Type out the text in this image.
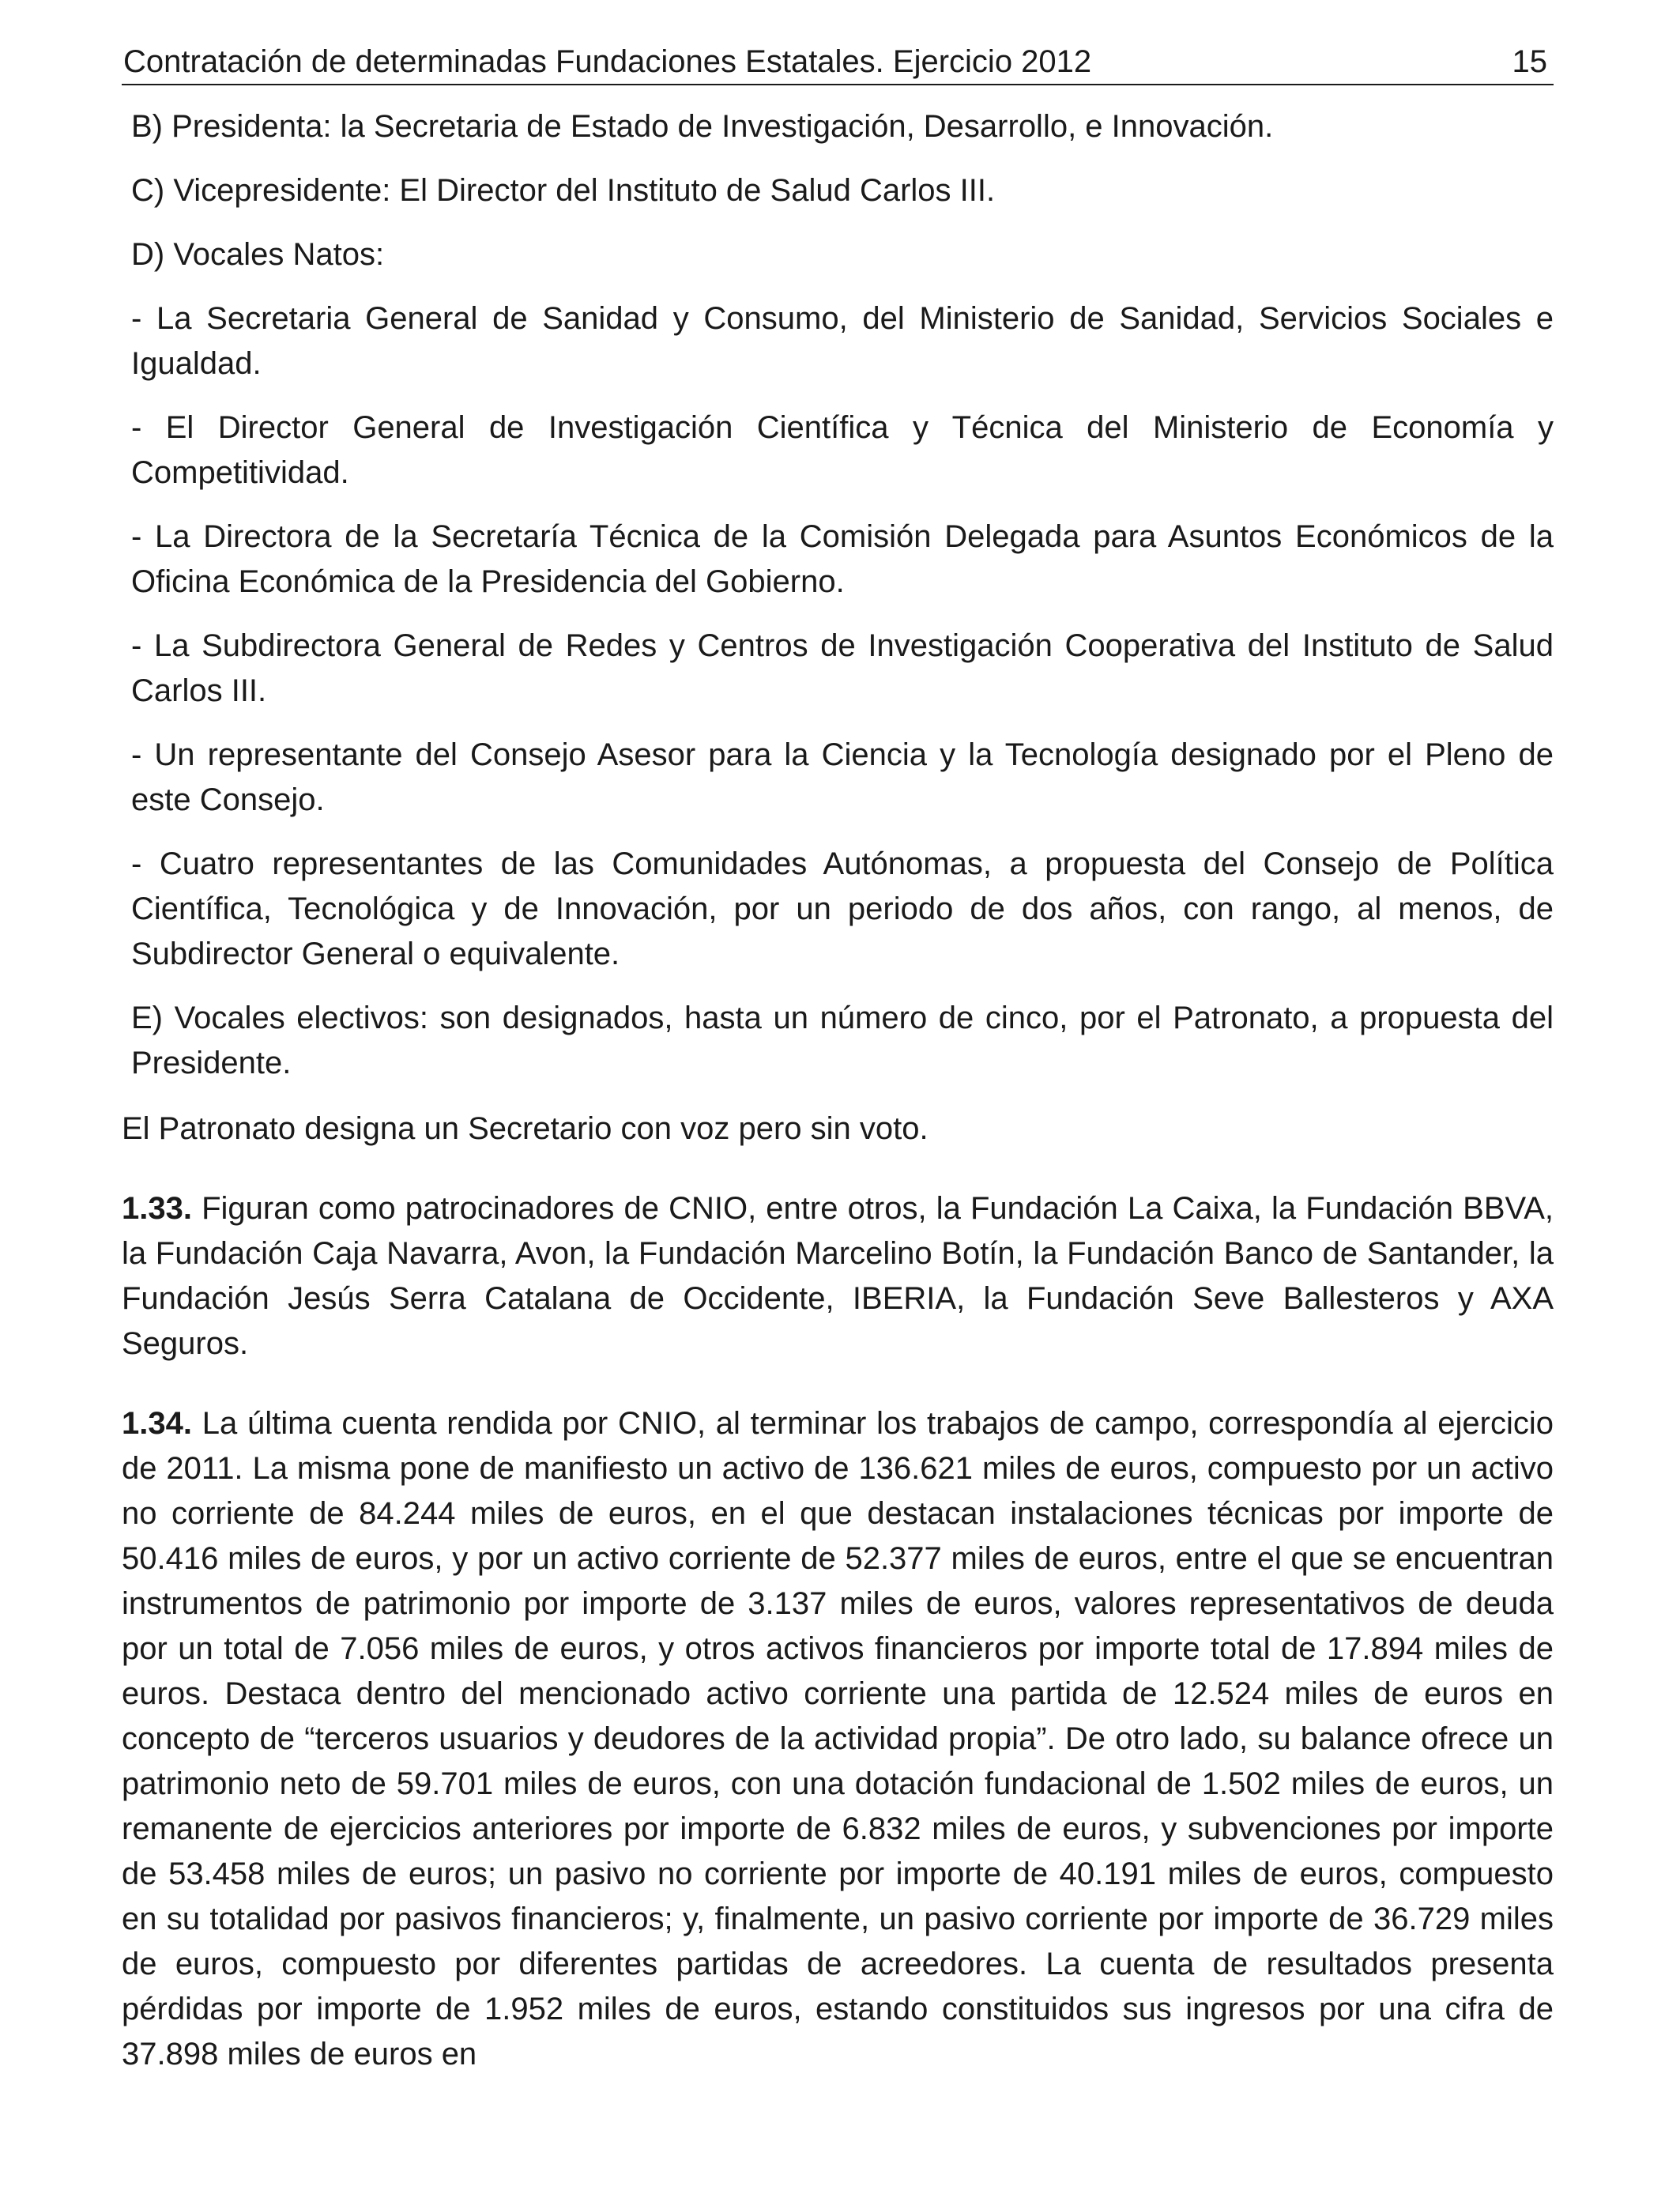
Contratación de determinadas Fundaciones Estatales. Ejercicio 2012	15

B) Presidenta: la Secretaria de Estado de Investigación, Desarrollo, e Innovación.

C) Vicepresidente: El Director del Instituto de Salud Carlos III.

D) Vocales Natos:

- La Secretaria General de Sanidad y Consumo, del Ministerio de Sanidad, Servicios Sociales e Igualdad.

- El Director General de Investigación Científica y Técnica del Ministerio de Economía y Competitividad.

- La Directora de la Secretaría Técnica de la Comisión Delegada para Asuntos Económicos de la Oficina Económica de la Presidencia del Gobierno.

- La Subdirectora General de Redes y Centros de Investigación Cooperativa del Instituto de Salud Carlos III.

- Un representante del Consejo Asesor para la Ciencia y la Tecnología designado por el Pleno de este Consejo.

- Cuatro representantes de las Comunidades Autónomas, a propuesta del Consejo de Política Científica, Tecnológica y de Innovación, por un periodo de dos años, con rango, al menos, de Subdirector General o equivalente.

E) Vocales electivos: son designados, hasta un número de cinco, por el Patronato, a propuesta del Presidente.

El Patronato designa un Secretario con voz pero sin voto.

1.33. Figuran como patrocinadores de CNIO, entre otros, la Fundación La Caixa, la Fundación BBVA, la Fundación Caja Navarra, Avon, la Fundación Marcelino Botín, la Fundación Banco de Santander, la Fundación Jesús Serra Catalana de Occidente, IBERIA, la Fundación Seve Ballesteros y AXA Seguros.

1.34. La última cuenta rendida por CNIO, al terminar los trabajos de campo, correspondía al ejercicio de 2011. La misma pone de manifiesto un activo de 136.621 miles de euros, compuesto por un activo no corriente de 84.244 miles de euros, en el que destacan instalaciones técnicas por importe de 50.416 miles de euros, y por un activo corriente de 52.377 miles de euros, entre el que se encuentran instrumentos de patrimonio por importe de 3.137 miles de euros, valores representativos de deuda por un total de 7.056 miles de euros, y otros activos financieros por importe total de 17.894 miles de euros. Destaca dentro del mencionado activo corriente una partida de 12.524 miles de euros en concepto de “terceros usuarios y deudores de la actividad propia”. De otro lado, su balance ofrece un patrimonio neto de 59.701 miles de euros, con una dotación fundacional de 1.502 miles de euros, un remanente de ejercicios anteriores por importe de 6.832 miles de euros, y subvenciones por importe de 53.458 miles de euros; un pasivo no corriente por importe de 40.191 miles de euros, compuesto en su totalidad por pasivos financieros; y, finalmente, un pasivo corriente por importe de 36.729 miles de euros, compuesto por diferentes partidas de acreedores. La cuenta de resultados presenta pérdidas por importe de 1.952 miles de euros, estando constituidos sus ingresos por una cifra de 37.898 miles de euros en
